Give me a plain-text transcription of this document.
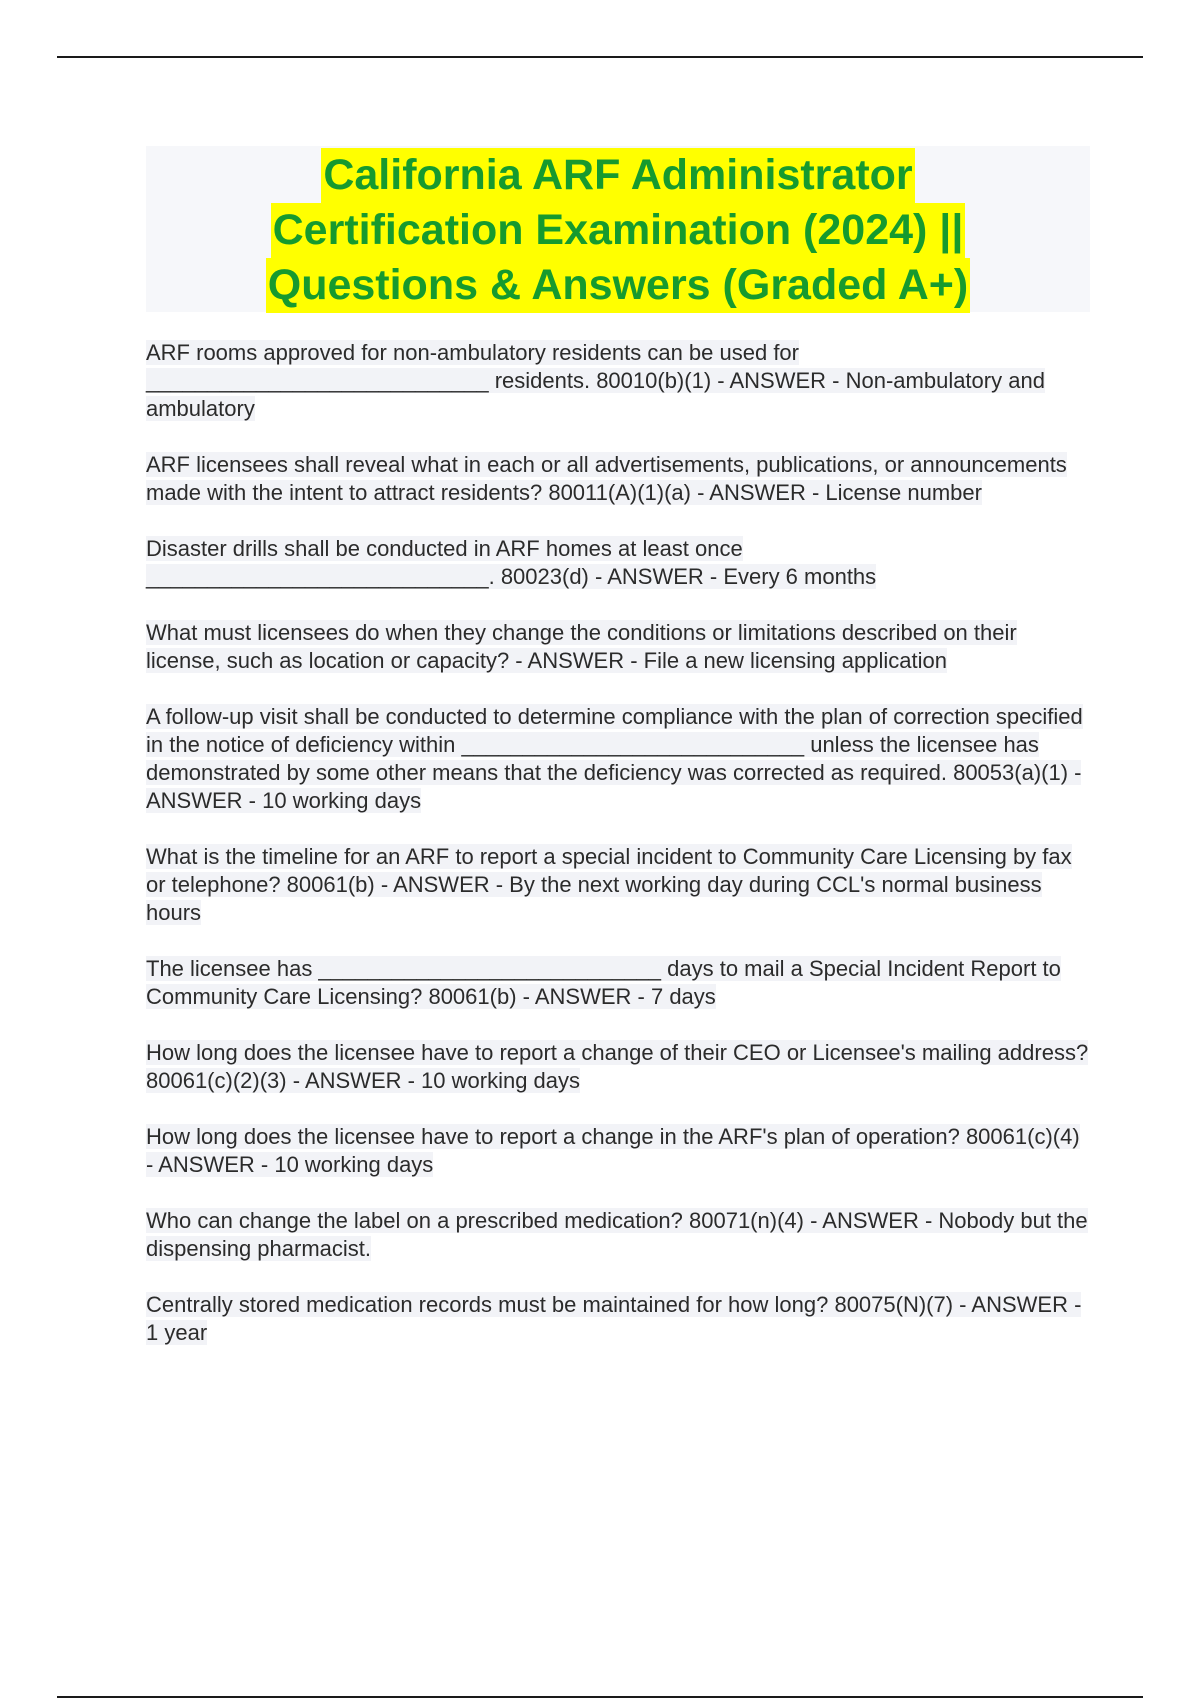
California ARF Administrator
Certification Examination (2024) ||
Questions & Answers (Graded A+)

ARF rooms approved for non-ambulatory residents can be used for ____________________________ residents. 80010(b)(1) - ANSWER - Non-ambulatory and ambulatory

ARF licensees shall reveal what in each or all advertisements, publications, or announcements made with the intent to attract residents? 80011(A)(1)(a) - ANSWER - License number

Disaster drills shall be conducted in ARF homes at least once ____________________________. 80023(d) - ANSWER - Every 6 months

What must licensees do when they change the conditions or limitations described on their license, such as location or capacity? - ANSWER - File a new licensing application

A follow-up visit shall be conducted to determine compliance with the plan of correction specified in the notice of deficiency within ____________________________ unless the licensee has demonstrated by some other means that the deficiency was corrected as required. 80053(a)(1) - ANSWER - 10 working days

What is the timeline for an ARF to report a special incident to Community Care Licensing by fax or telephone? 80061(b) - ANSWER - By the next working day during CCL's normal business hours

The licensee has ____________________________ days to mail a Special Incident Report to Community Care Licensing? 80061(b) - ANSWER - 7 days

How long does the licensee have to report a change of their CEO or Licensee's mailing address? 80061(c)(2)(3) - ANSWER - 10 working days

How long does the licensee have to report a change in the ARF's plan of operation? 80061(c)(4) - ANSWER - 10 working days

Who can change the label on a prescribed medication? 80071(n)(4) - ANSWER - Nobody but the dispensing pharmacist.

Centrally stored medication records must be maintained for how long? 80075(N)(7) - ANSWER - 1 year
